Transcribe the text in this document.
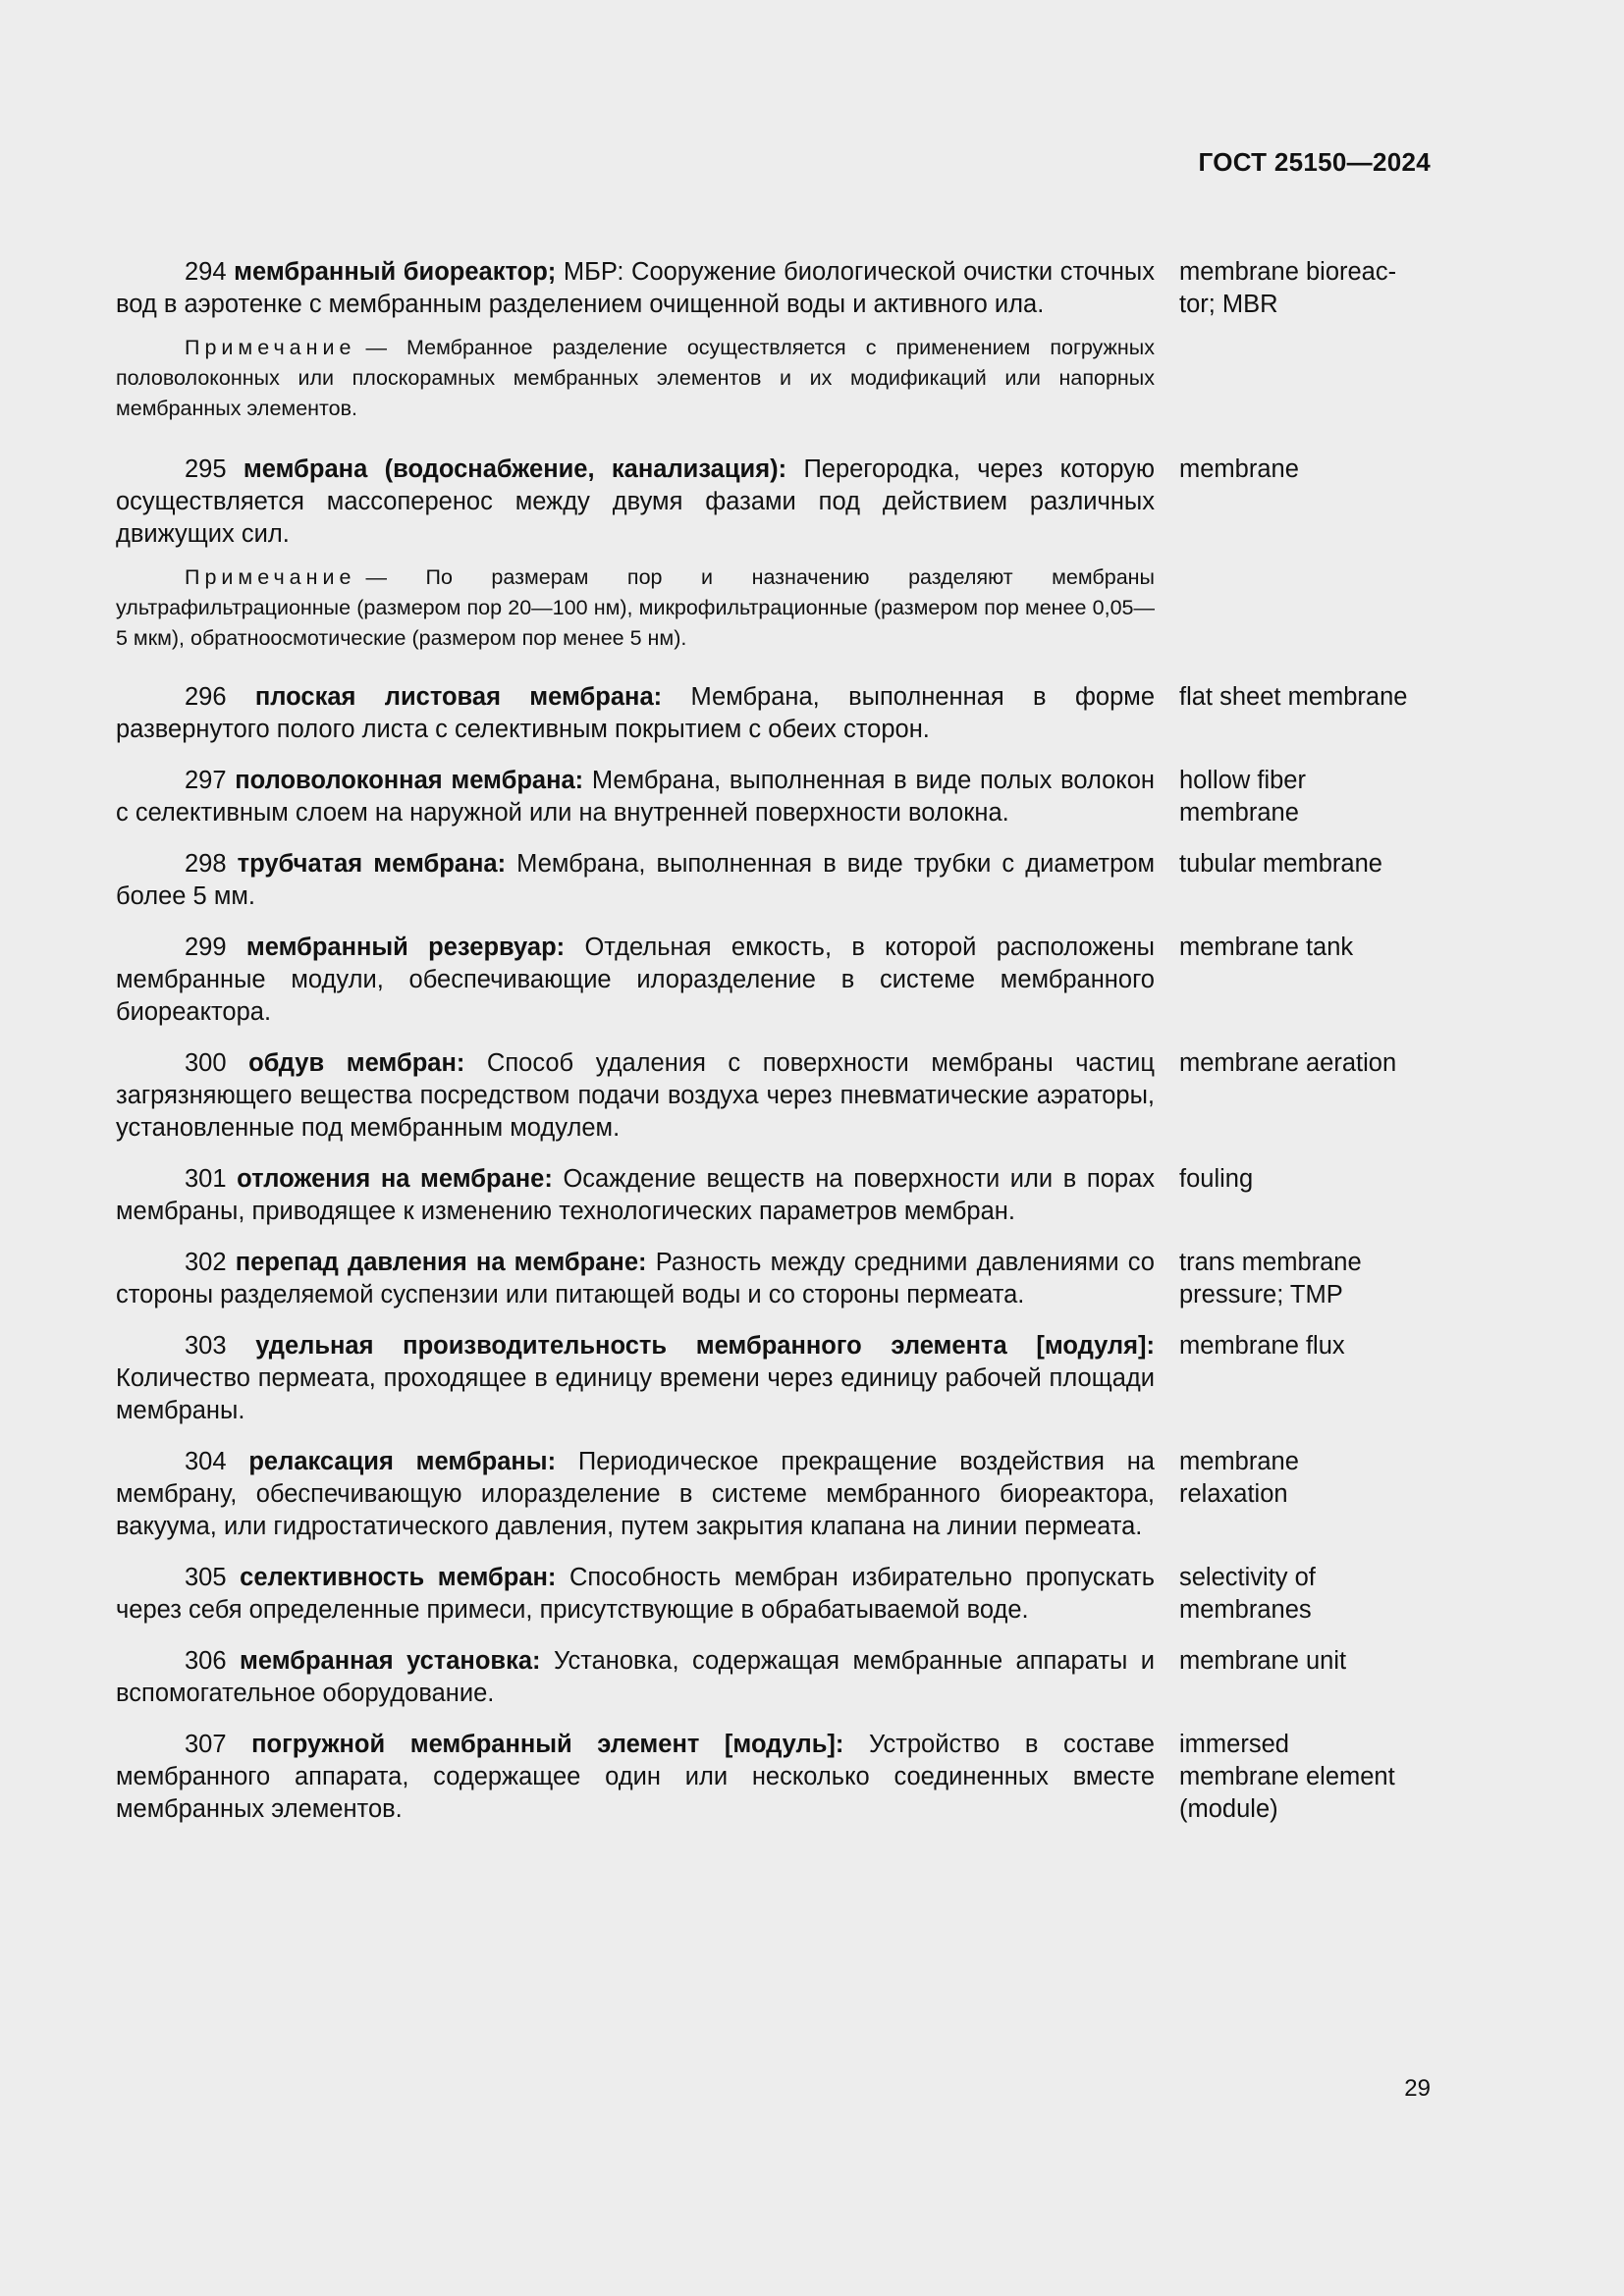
ГОСТ 25150—2024

294 мембранный биореактор; МБР: Сооружение биологической очистки сточных вод в аэротенке с мембранным разделением очищенной воды и активного ила.

Примечание — Мембранное разделение осуществляется с применением погружных половолоконных или плоскорамных мембранных элементов и их модификаций или напорных мембранных элементов.
membrane bioreac-
tor; MBR

295 мембрана (водоснабжение, канализация): Перегородка, через которую осуществляется массоперенос между двумя фазами под действием различных движущих сил.

Примечание — По размерам пор и назначению разделяют мембраны ультрафильтрационные (размером пор 20—100 нм), микрофильтрационные (размером пор менее 0,05—5 мкм), обратноосмотические (размером пор менее 5 нм).
membrane

296 плоская листовая мембрана: Мембрана, выполненная в форме развернутого полого листа с селективным покрытием с обеих сторон.

flat sheet membrane

297 половолоконная мембрана: Мембрана, выполненная в виде полых волокон с селективным слоем на наружной или на внутренней поверхности волокна.

hollow fiber
membrane

298 трубчатая мембрана: Мембрана, выполненная в виде трубки с диаметром более 5 мм.

tubular membrane

299 мембранный резервуар: Отдельная емкость, в которой расположены мембранные модули, обеспечивающие илоразделение в системе мембранного биореактора.

membrane tank

300 обдув мембран: Способ удаления с поверхности мембраны частиц загрязняющего вещества посредством подачи воздуха через пневматические аэраторы, установленные под мембранным модулем.

membrane aeration

301 отложения на мембране: Осаждение веществ на поверхности или в порах мембраны, приводящее к изменению технологических параметров мембран.

fouling

302 перепад давления на мембране: Разность между средними давлениями со стороны разделяемой суспензии или питающей воды и со стороны пермеата.

trans membrane
pressure; TMP

303 удельная производительность мембранного элемента [модуля]: Количество пермеата, проходящее в единицу времени через единицу рабочей площади мембраны.

membrane flux

304 релаксация мембраны: Периодическое прекращение воздействия на мембрану, обеспечивающую илоразделение в системе мембранного биореактора, вакуума, или гидростатического давления, путем закрытия клапана на линии пермеата.

membrane
relaxation

305 селективность мембран: Способность мембран избирательно пропускать через себя определенные примеси, присутствующие в обрабатываемой воде.

selectivity of
membranes

306 мембранная установка: Установка, содержащая мембранные аппараты и вспомогательное оборудование.

membrane unit

307 погружной мембранный элемент [модуль]: Устройство в составе мембранного аппарата, содержащее один или несколько соединенных вместе мембранных элементов.

immersed
membrane element
(module)
29
